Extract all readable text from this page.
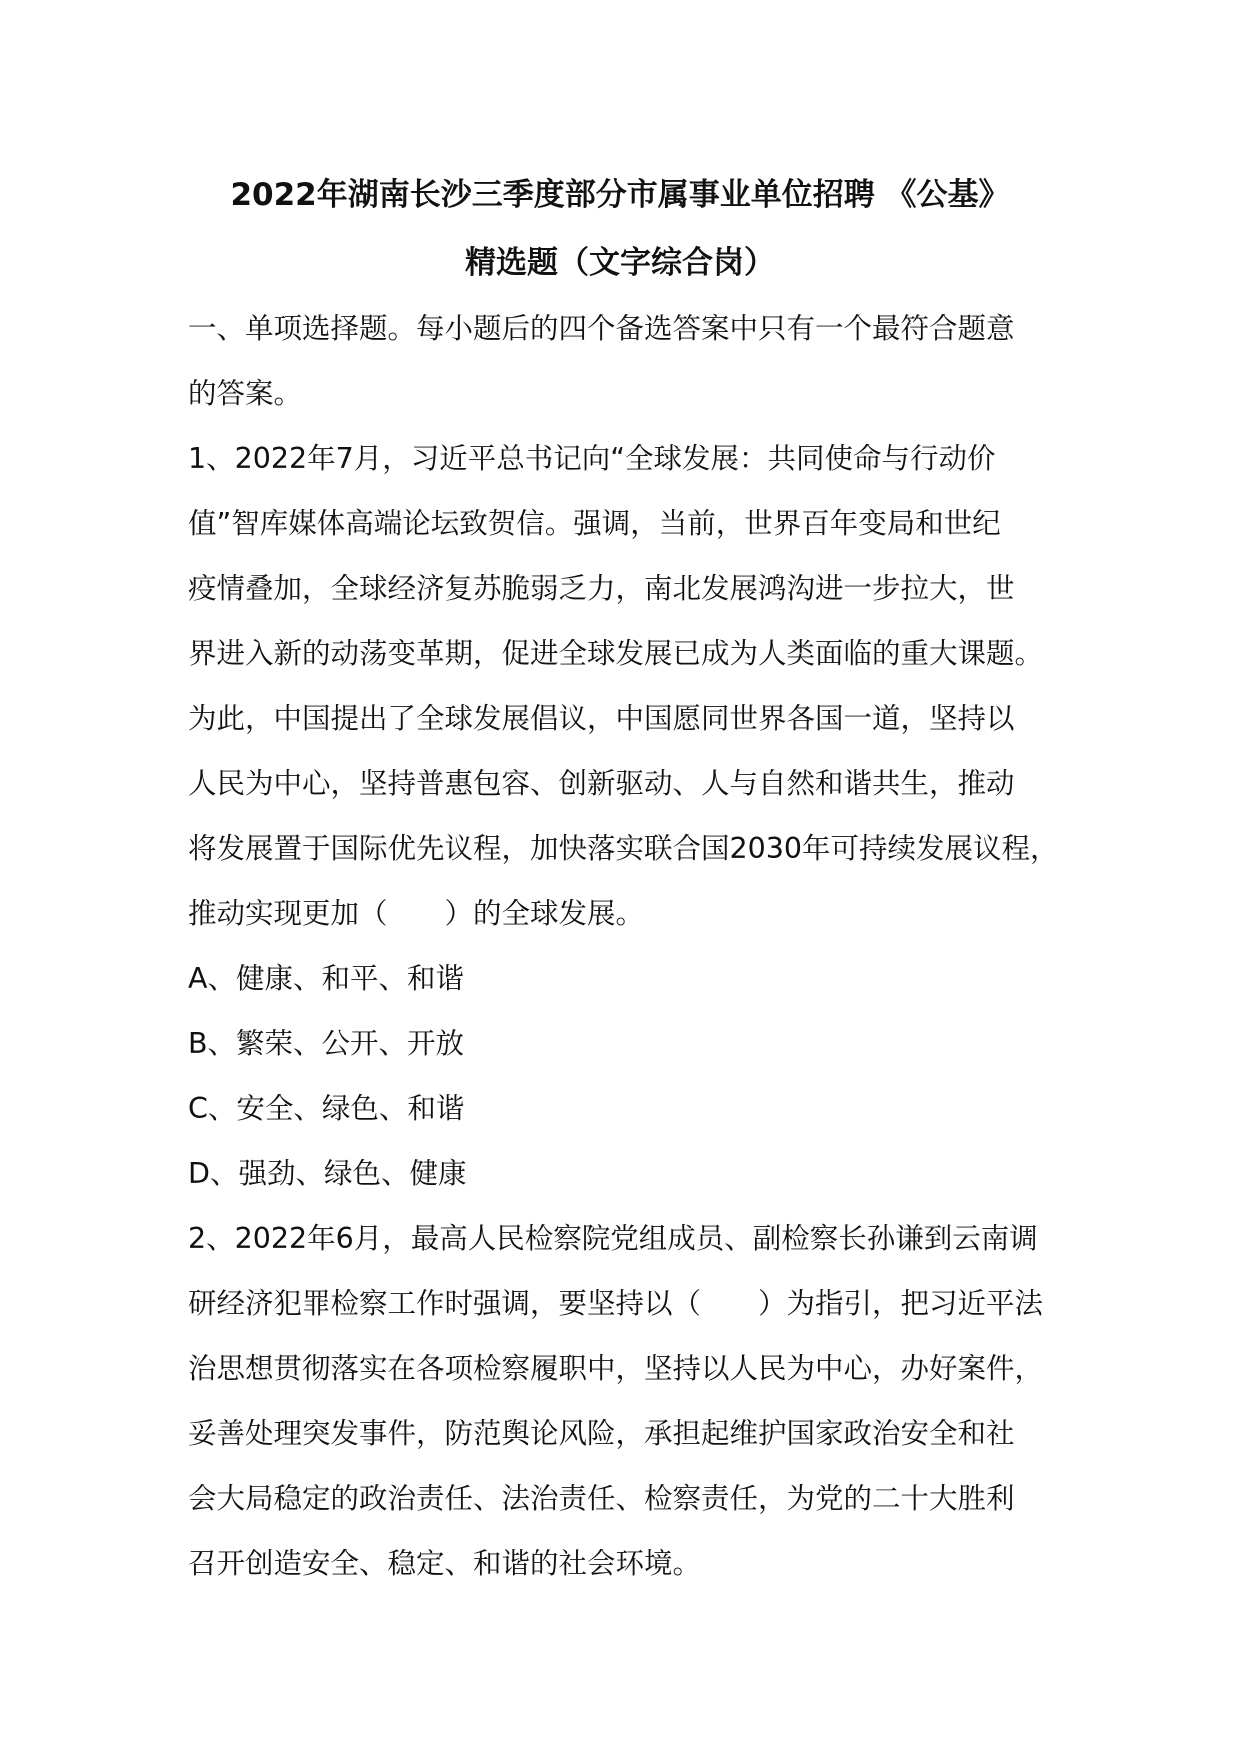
2022年湖南长沙三季度部分市属事业单位招聘 《公基》
精选题（文字综合岗）
一、单项选择题。每小题后的四个备选答案中只有一个最符合题意
的答案。
1、2022年7月，习近平总书记向“全球发展：共同使命与行动价
值”智库媒体高端论坛致贺信。强调，当前，世界百年变局和世纪
疫情叠加，全球经济复苏脆弱乏力，南北发展鸿沟进一步拉大，世
界进入新的动荡变革期，促进全球发展已成为人类面临的重大课题。
为此，中国提出了全球发展倡议，中国愿同世界各国一道，坚持以
人民为中心，坚持普惠包容、创新驱动、人与自然和谐共生，推动
将发展置于国际优先议程，加快落实联合国2030年可持续发展议程，
推动实现更加（　　）的全球发展。
A、健康、和平、和谐
B、繁荣、公开、开放
C、安全、绿色、和谐
D、强劲、绿色、健康
2、2022年6月，最高人民检察院党组成员、副检察长孙谦到云南调
研经济犯罪检察工作时强调，要坚持以（　　）为指引，把习近平法
治思想贯彻落实在各项检察履职中，坚持以人民为中心，办好案件，
妥善处理突发事件，防范舆论风险，承担起维护国家政治安全和社
会大局稳定的政治责任、法治责任、检察责任，为党的二十大胜利
召开创造安全、稳定、和谐的社会环境。
